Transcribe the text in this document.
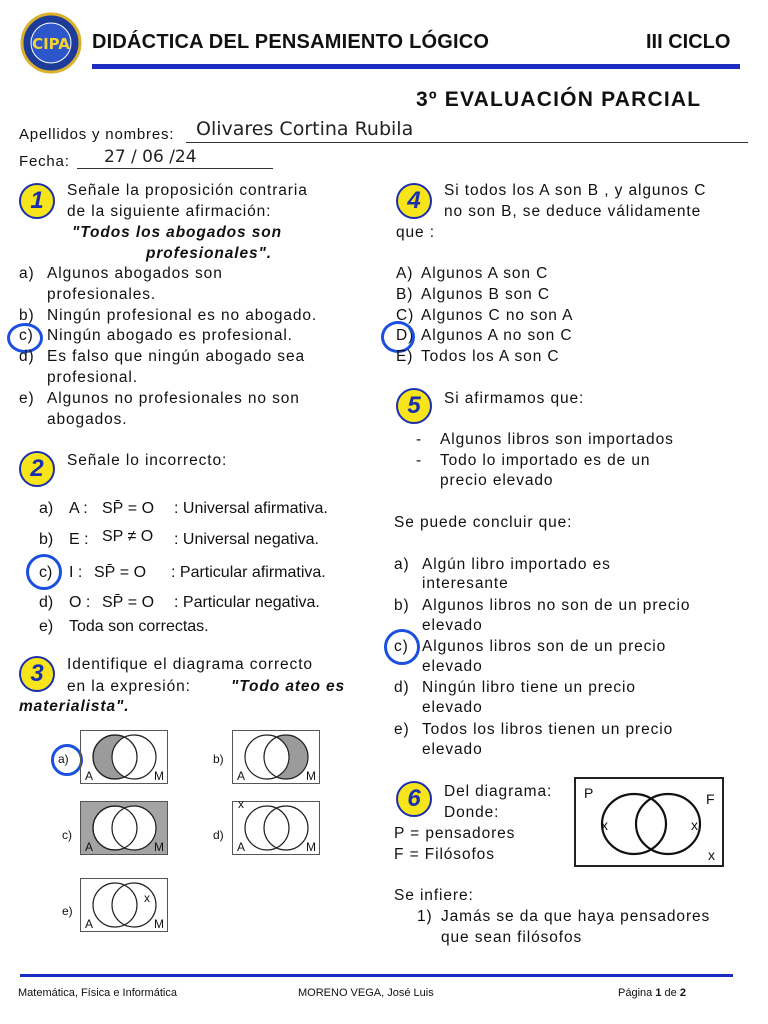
CIPA DIDÁCTICA DEL PENSAMIENTO LÓGICO	III CICLO
3º EVALUACIÓN PARCIAL
Apellidos y nombres: Olivares Cortina Rubila
Fecha: 27 / 06 /24
1	Señale la proposición contraria
de la siguiente afirmación:
"Todos los abogados son
profesionales".
a) Algunos abogados son
profesionales.
b) Ningún profesional es no abogado.
c) Ningún abogado es profesional.
d) Es falso que ningún abogado sea
profesional.
e) Algunos no profesionales no son
abogados.
2	Señale lo incorrecto:
a) A : SP̄ = O : Universal afirmativa.
b) E : SP ≠ O : Universal negativa.
c) I : SP̄ = O : Particular afirmativa.
d) O : SP̄ = O : Particular negativa.
e) Toda son correctas.
3	Identifique el diagrama correcto
en la expresión:	"Todo ateo es
materialista".
a)
A	M
b)
A	M
c)
A	M
d)
x
A	M
e)
x
A	M
4	Si todos los A son B , y algunos C
no son B, se deduce válidamente
que :
A) Algunos A son C
B) Algunos B son C
C) Algunos C no son A
D) Algunos A no son C
E) Todos los A son C
5	Si afirmamos que:
- Algunos libros son importados
- Todo lo importado es de un
precio elevado
Se puede concluir que:
a) Algún libro importado es
interesante
b) Algunos libros no son de un precio
elevado
c) Algunos libros son de un precio
elevado
d) Ningún libro tiene un precio
elevado
e) Todos los libros tienen un precio
elevado
6	Del diagrama:
Donde:
P = pensadores
F = Filósofos
P	F
x	x
x
Se infiere:
1) Jamás se da que haya pensadores
que sean filósofos
Matemática, Física e Informática	MORENO VEGA, José Luis	Página 1 de 2
